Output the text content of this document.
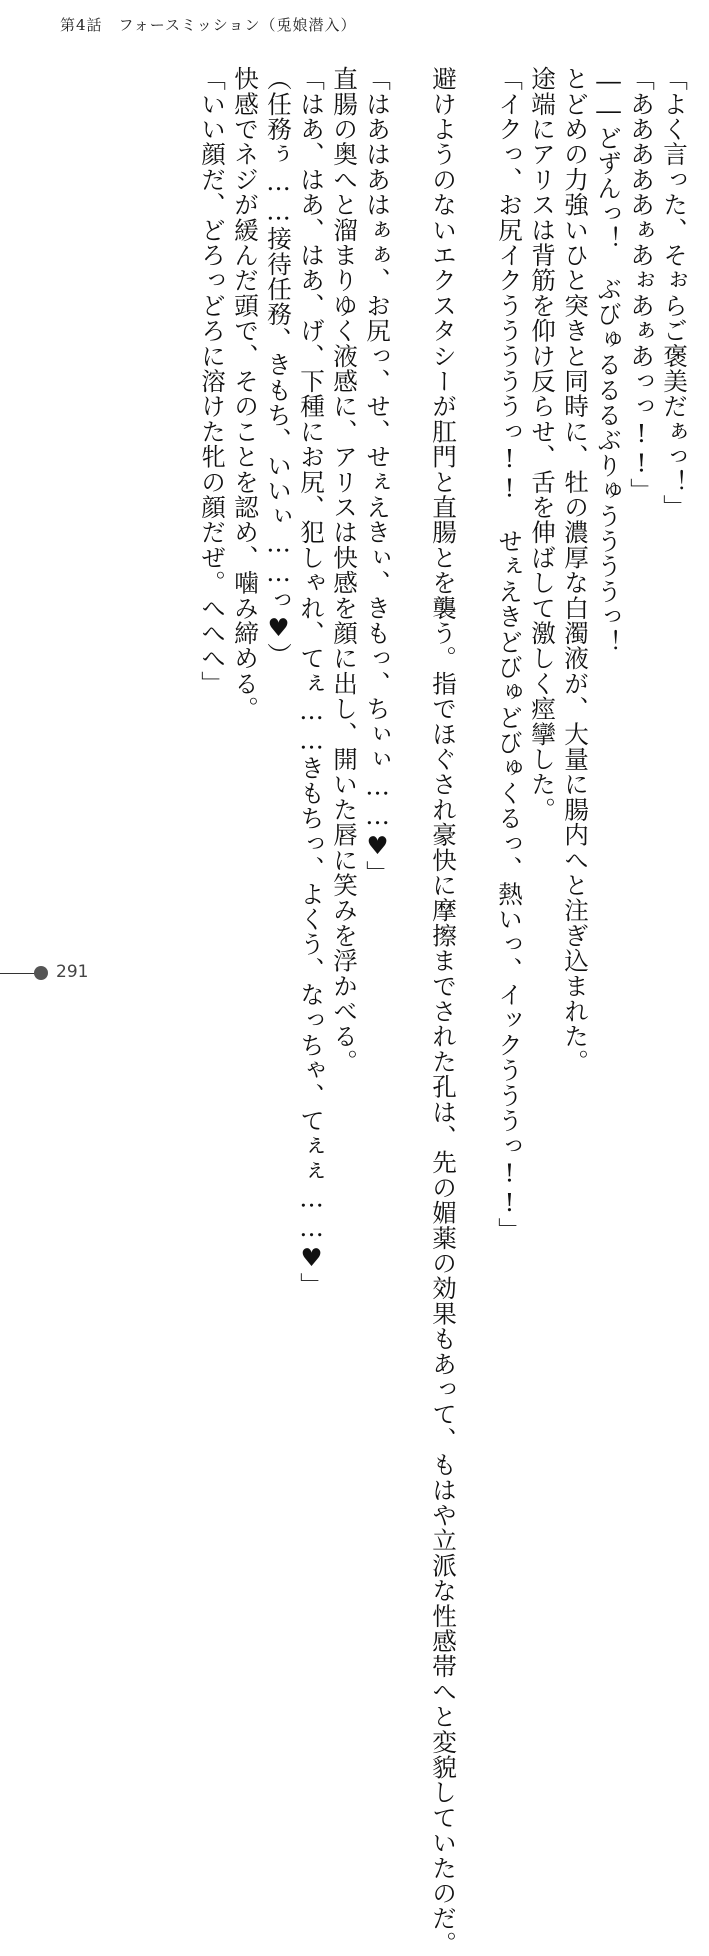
第4話　フォースミッション（兎娘潜入）
「よく言った、そぉらご褒美だぁっ！」
「あああああぁあぉあぁあっっ!!」
――どずんっ！　ぶびゅるるるぶりゅううううっ！
とどめの力強いひと突きと同時に、牡の濃厚な白濁液が、大量に腸内へと注ぎ込まれた。
途端にアリスは背筋を仰け反らせ、舌を伸ばして激しく痙攣した。
「イクっ、お尻イクうううううっ!!　せぇえきどびゅどびゅくるっ、熱いっ、イックうううっ!!」
避けようのないエクスタシーが肛門と直腸とを襲う。指でほぐされ豪快に摩擦までされた孔は、先の媚薬の効果もあって、もはや立派な性感帯へと変貌していたのだ。
「はあはあはぁぁ、お尻っ、せ、せぇえきぃ、きもっ、ちぃぃ……♥」
直腸の奥へと溜まりゆく液感に、アリスは快感を顔に出し、開いた唇に笑みを浮かべる。
「はあ、はあ、はあ、げ、下種にお尻、犯しゃれ、てぇ……きもちっ、よくう、なっちゃ、てぇぇ……♥」
（任務ぅ……接待任務、きもち、いいぃ……っ♥）
快感でネジが緩んだ頭で、そのことを認め、噛み締める。
「いい顔だ、どろっどろに溶けた牝の顔だぜ。へへへ」
291
